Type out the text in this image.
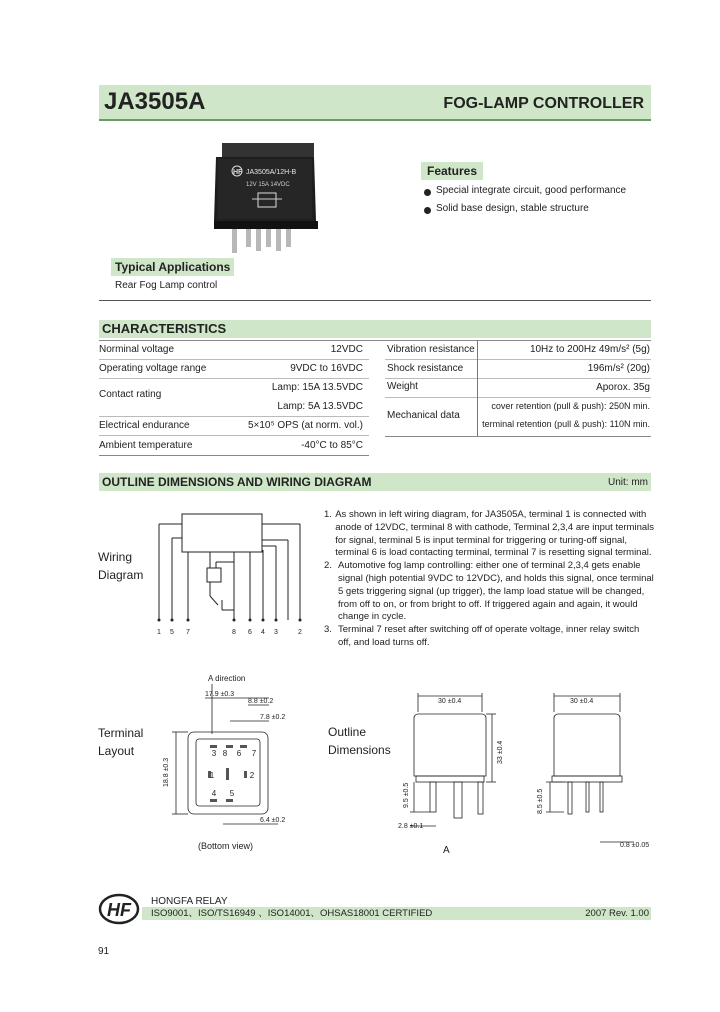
JA3505A	FOG-LAMP CONTROLLER
HF JA3505A/12H-B
12V 15A 14VDC
Features
Special integrate circuit, good performance
Solid base design, stable structure
Typical Applications
Rear Fog Lamp control
CHARACTERISTICS
Norminal voltage	12VDC
Operating voltage range	9VDC to 16VDC
Contact rating
Lamp: 15A 13.5VDC
Lamp: 5A 13.5VDC
Electrical endurance	5×10⁵ OPS (at norm. vol.)
Ambient temperature	-40°C to 85°C
Vibration resistance	10Hz to 200Hz 49m/s² (5g)
Shock resistance	196m/s² (20g)
Weight	Aporox. 35g
Mechanical data
cover retention (pull & push): 250N min.
terminal retention (pull & push): 110N min.
OUTLINE DIMENSIONS AND WIRING DIAGRAM	Unit: mm
Wiring
Diagram
1 5 7	8 6 4 3	2
1. As shown in left wiring diagram, for JA3505A, terminal 1 is connected with
anode of 12VDC, terminal 8 with cathode, Terminal 2,3,4 are input terminals
for signal, terminal 5 is input terminal for triggering or turing-off signal,
terminal 6 is load contacting terminal, terminal 7 is resetting signal terminal.
2. Automotive fog lamp controlling: either one of terminal 2,3,4 gets enable
signal (high potential 9VDC to 12VDC), and holds this signal, once terminal
5 gets triggering signal (up trigger), the lamp load statue will be changed,
from off to on, or from bright to off. If triggered again and again, it would
change in cycle.
3. Terminal 7 reset after switching off of operate voltage, inner relay switch
off, and load turns off.
Terminal
Layout
A direction
17.9 ±0.3
8.8 ±0.2
7.8 ±0.2
6.4 ±0.2
18.8 ±0.3
3 8 6 7
1	2
4 5
(Bottom view)
Outline
Dimensions
30 ±0.4
2.8 ±0.1
33 ±0.4
9.5 ±0.5
A
30 ±0.4
8.5 ±0.5
0.8 ±0.05
HF HONGFA RELAY
ISO9001、ISO/TS16949 、ISO14001、OHSAS18001 CERTIFIED	2007 Rev. 1.00
91
